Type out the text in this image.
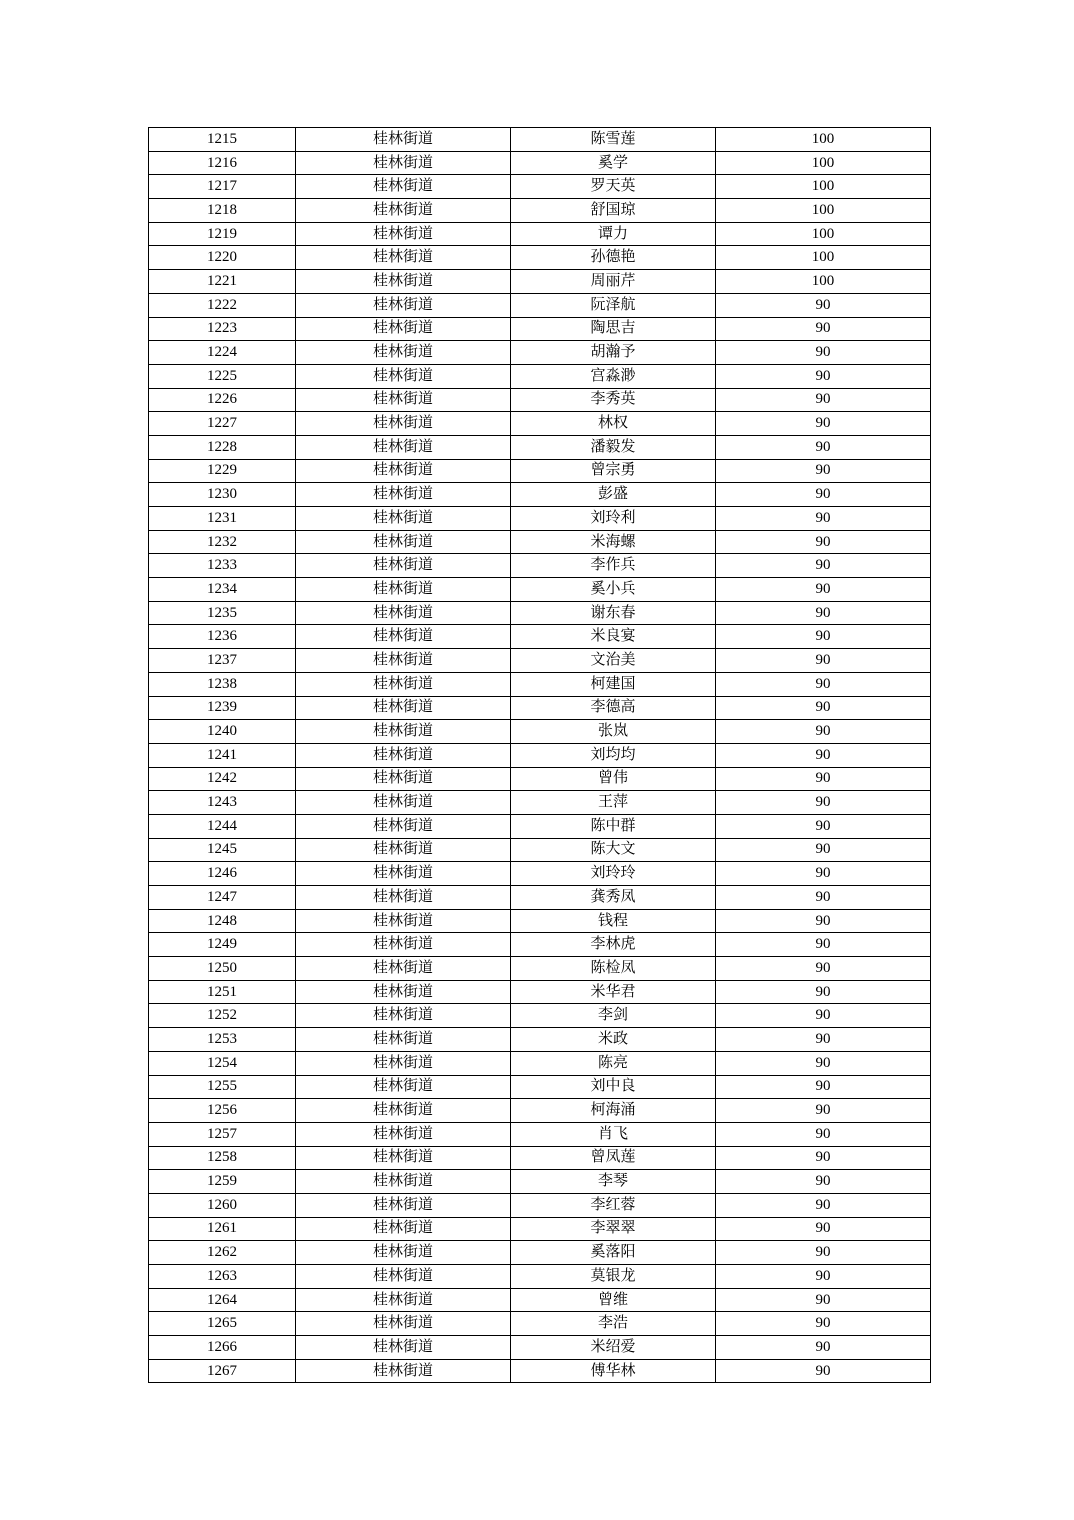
1215	桂林街道	陈雪莲	100
1216	桂林街道	奚学	100
1217	桂林街道	罗天英	100
1218	桂林街道	舒国琼	100
1219	桂林街道	谭力	100
1220	桂林街道	孙德艳	100
1221	桂林街道	周丽芹	100
1222	桂林街道	阮泽航	90
1223	桂林街道	陶思吉	90
1224	桂林街道	胡瀚予	90
1225	桂林街道	宫淼渺	90
1226	桂林街道	李秀英	90
1227	桂林街道	林权	90
1228	桂林街道	潘毅发	90
1229	桂林街道	曾宗勇	90
1230	桂林街道	彭盛	90
1231	桂林街道	刘玲利	90
1232	桂林街道	米海螺	90
1233	桂林街道	李作兵	90
1234	桂林街道	奚小兵	90
1235	桂林街道	谢东春	90
1236	桂林街道	米良宴	90
1237	桂林街道	文治美	90
1238	桂林街道	柯建国	90
1239	桂林街道	李德高	90
1240	桂林街道	张岚	90
1241	桂林街道	刘均均	90
1242	桂林街道	曾伟	90
1243	桂林街道	王萍	90
1244	桂林街道	陈中群	90
1245	桂林街道	陈大文	90
1246	桂林街道	刘玲玲	90
1247	桂林街道	龚秀凤	90
1248	桂林街道	钱程	90
1249	桂林街道	李林虎	90
1250	桂林街道	陈检凤	90
1251	桂林街道	米华君	90
1252	桂林街道	李剑	90
1253	桂林街道	米政	90
1254	桂林街道	陈亮	90
1255	桂林街道	刘中良	90
1256	桂林街道	柯海涌	90
1257	桂林街道	肖飞	90
1258	桂林街道	曾凤莲	90
1259	桂林街道	李琴	90
1260	桂林街道	李红蓉	90
1261	桂林街道	李翠翠	90
1262	桂林街道	奚落阳	90
1263	桂林街道	莫银龙	90
1264	桂林街道	曾维	90
1265	桂林街道	李浩	90
1266	桂林街道	米绍爱	90
1267	桂林街道	傅华林	90
